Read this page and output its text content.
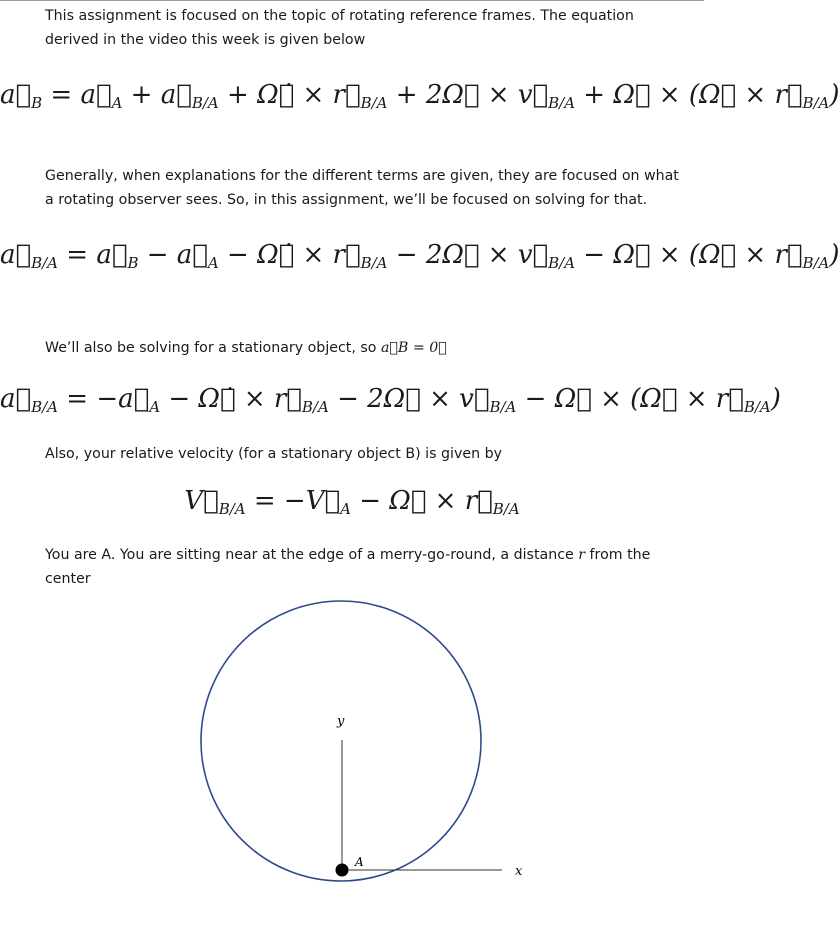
This assignment is focused on the topic of rotating reference frames. The equation derived in the video this week is given below

$a⃗_B$ = $a⃗_A$ + $a⃗_{B/A}$ + Ω⃗̇ × $r⃗_{B/A}$ + 2Ω⃗ × $v⃗_{B/A}$ + Ω⃗ × (Ω⃗ × $r⃗_{B/A}$)

Generally, when explanations for the different terms are given, they are focused on what a rotating observer sees. So, in this assignment, we’ll be focused on solving for that.

$a⃗_{B/A}$ = $a⃗_B$ − $a⃗_A$ − Ω⃗̇ × $r⃗_{B/A}$ − 2Ω⃗ × $v⃗_{B/A}$ − Ω⃗ × (Ω⃗ × $r⃗_{B/A}$)

We’ll also be solving for a stationary object, so a⃗B = 0⃗

$a⃗_{B/A}$ = $-a⃗_A$ − Ω⃗̇ × $r⃗_{B/A}$ − 2Ω⃗ × $v⃗_{B/A}$ − Ω⃗ × (Ω⃗ × $r⃗_{B/A}$)

Also, your relative velocity (for a stationary object B) is given by

$V⃗_{B/A}$ = $-V⃗_A$ − Ω⃗ × $r⃗_{B/A}$

You are A. You are sitting near at the edge of a merry-go-round, a distance r from the center

y
x
A
